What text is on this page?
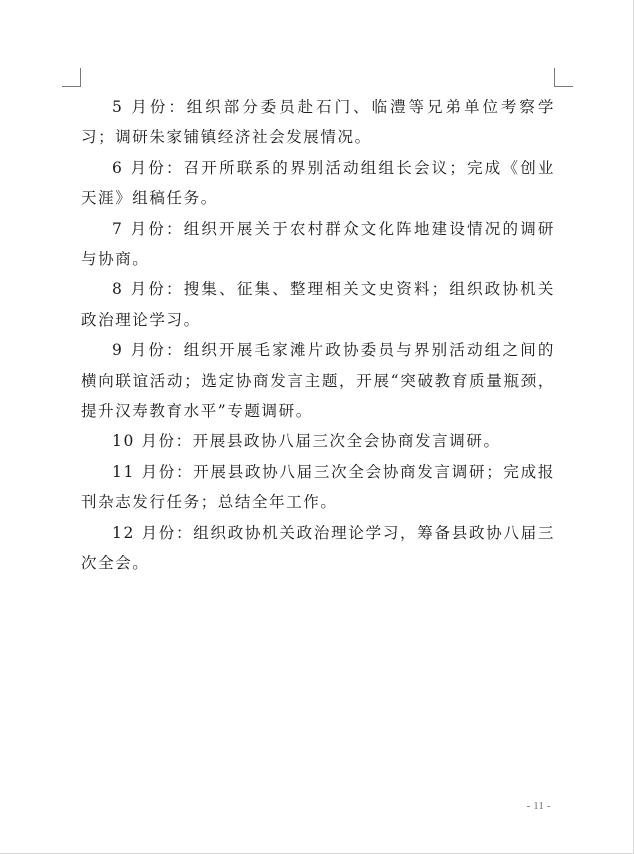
5 月份：组织部分委员赴石门、临澧等兄弟单位考察学习；调研朱家铺镇经济社会发展情况。

6 月份：召开所联系的界别活动组组长会议；完成《创业天涯》组稿任务。

7 月份：组织开展关于农村群众文化阵地建设情况的调研与协商。

8 月份：搜集、征集、整理相关文史资料；组织政协机关政治理论学习。

9 月份：组织开展毛家滩片政协委员与界别活动组之间的横向联谊活动；选定协商发言主题，开展“突破教育质量瓶颈，提升汉寿教育水平”专题调研。

10 月份：开展县政协八届三次全会协商发言调研。

11 月份：开展县政协八届三次全会协商发言调研；完成报刊杂志发行任务；总结全年工作。

12 月份：组织政协机关政治理论学习，筹备县政协八届三次全会。

- 11 -
